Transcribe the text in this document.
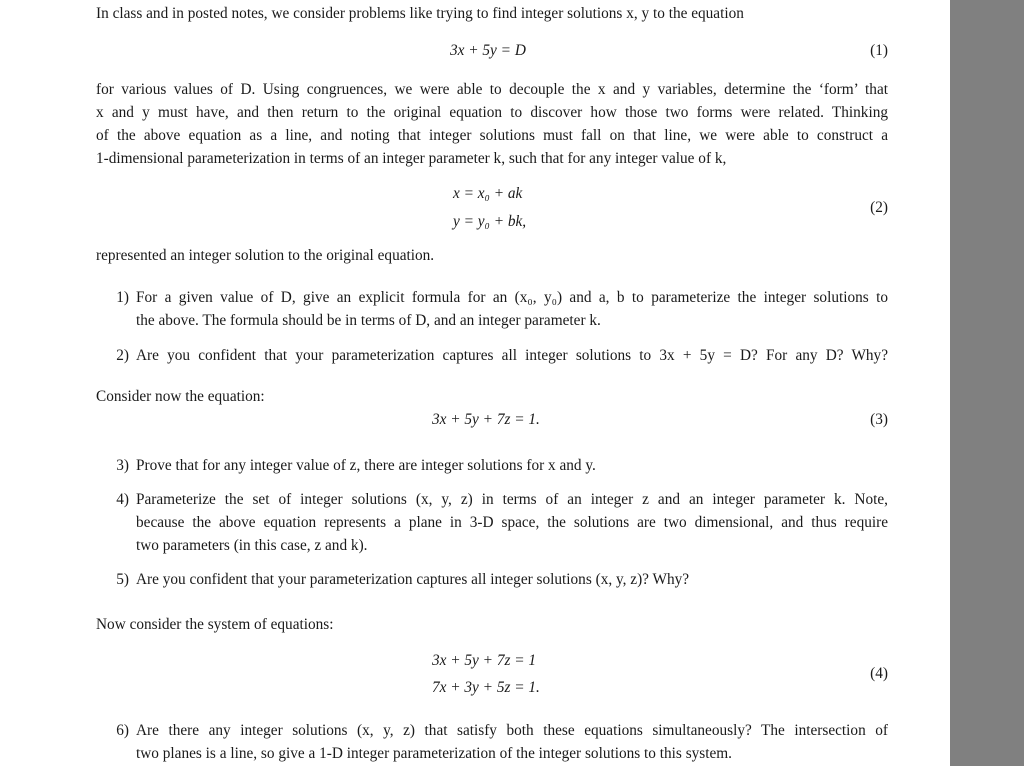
In class and in posted notes, we consider problems like trying to find integer solutions x, y to the equation
3x + 5y = D	(1)
for various values of D. Using congruences, we were able to decouple the x and y variables, determine the ‘form’ that
x and y must have, and then return to the original equation to discover how those two forms were related. Thinking
of the above equation as a line, and noting that integer solutions must fall on that line, we were able to construct a
1-dimensional parameterization in terms of an integer parameter k, such that for any integer value of k,
x = x₀ + ak
y = y₀ + bk,
(2)
represented an integer solution to the original equation.
1) For a given value of D, give an explicit formula for an (x₀, y₀) and a, b to parameterize the integer solutions to
the above. The formula should be in terms of D, and an integer parameter k.
2) Are you confident that your parameterization captures all integer solutions to 3x + 5y = D? For any D? Why?
Consider now the equation:
3x + 5y + 7z = 1.	(3)
3) Prove that for any integer value of z, there are integer solutions for x and y.
4) Parameterize the set of integer solutions (x, y, z) in terms of an integer z and an integer parameter k. Note,
because the above equation represents a plane in 3-D space, the solutions are two dimensional, and thus require
two parameters (in this case, z and k).
5) Are you confident that your parameterization captures all integer solutions (x, y, z)? Why?
Now consider the system of equations:
3x + 5y + 7z = 1
7x + 3y + 5z = 1.
(4)
6) Are there any integer solutions (x, y, z) that satisfy both these equations simultaneously? The intersection of
two planes is a line, so give a 1-D integer parameterization of the integer solutions to this system.
